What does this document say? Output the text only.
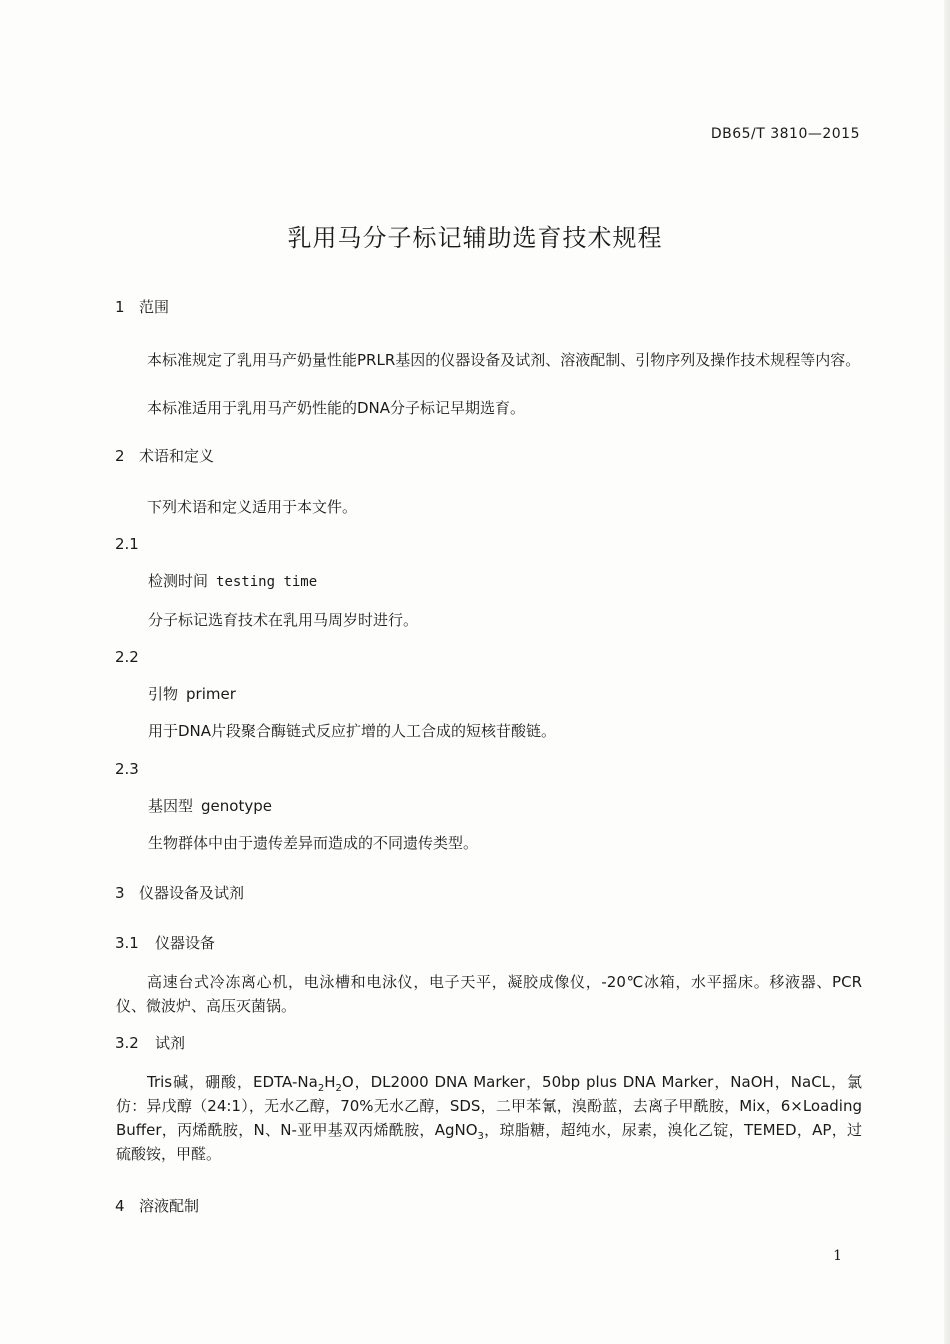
DB65/T 3810—2015
乳用马分子标记辅助选育技术规程
1 范围
本标准规定了乳用马产奶量性能PRLR基因的仪器设备及试剂、溶液配制、引物序列及操作技术规程等内容。
本标准适用于乳用马产奶性能的DNA分子标记早期选育。
2 术语和定义
下列术语和定义适用于本文件。
2.1
检测时间 testing time
分子标记选育技术在乳用马周岁时进行。
2.2
引物 primer
用于DNA片段聚合酶链式反应扩增的人工合成的短核苷酸链。
2.3
基因型 genotype
生物群体中由于遗传差异而造成的不同遗传类型。
3 仪器设备及试剂
3.1 仪器设备
高速台式冷冻离心机，电泳槽和电泳仪，电子天平，凝胶成像仪，-20℃冰箱，水平摇床。移液器、PCR仪、微波炉、高压灭菌锅。
3.2 试剂
Tris碱，硼酸，EDTA-$Na_2H_2O$，DL2000 DNA Marker，50bp plus DNA Marker，NaOH，NaCL，氯仿：异戊醇（24:1），无水乙醇，70%无水乙醇，SDS，二甲苯氰，溴酚蓝，去离子甲酰胺，Mix，6×Loading Buffer，丙烯酰胺，N、N-亚甲基双丙烯酰胺，AgNO$_3$，琼脂糖，超纯水，尿素，溴化乙锭，TEMED，AP，过硫酸铵，甲醛。
4 溶液配制
1
